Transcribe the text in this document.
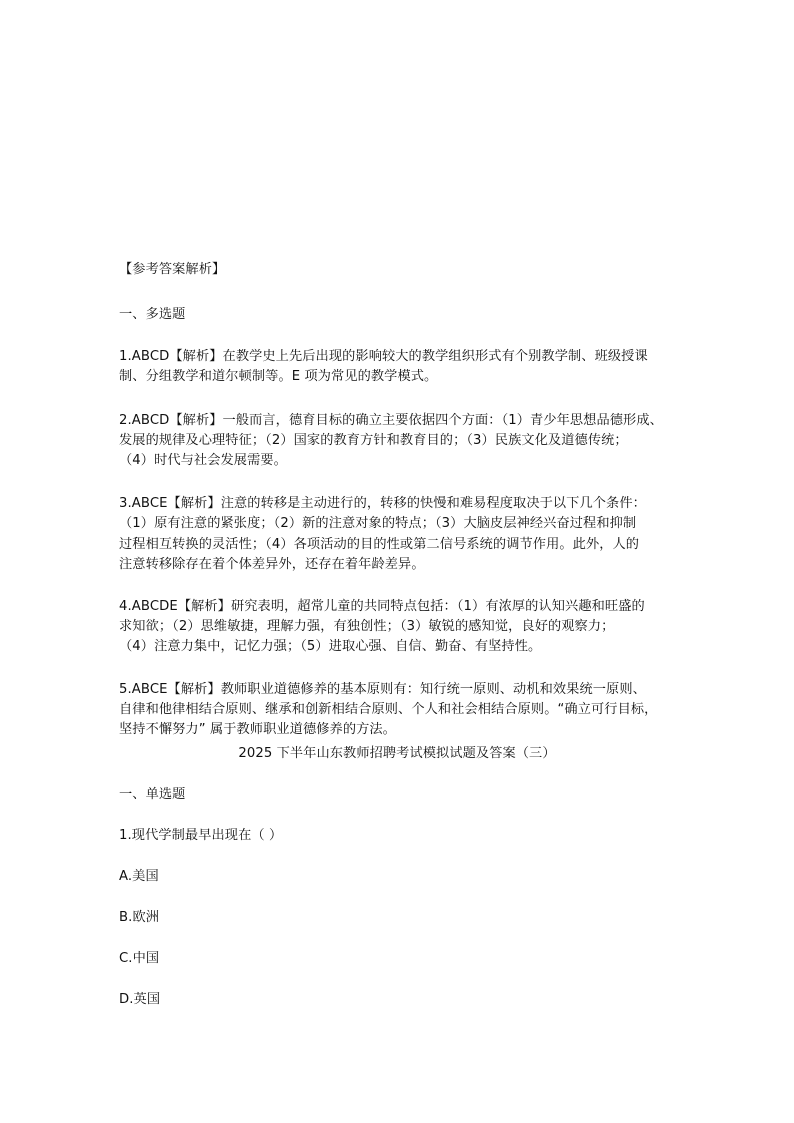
【参考答案解析】
一、多选题
1.ABCD【解析】在教学史上先后出现的影响较大的教学组织形式有个别教学制、班级授课
制、分组教学和道尔顿制等。E 项为常见的教学模式。
2.ABCD【解析】一般而言，德育目标的确立主要依据四个方面：（1）青少年思想品德形成、
发展的规律及心理特征；（2）国家的教育方针和教育目的；（3）民族文化及道德传统；
（4）时代与社会发展需要。
3.ABCE【解析】注意的转移是主动进行的，转移的快慢和难易程度取决于以下几个条件：
（1）原有注意的紧张度；（2）新的注意对象的特点；（3）大脑皮层神经兴奋过程和抑制
过程相互转换的灵活性；（4）各项活动的目的性或第二信号系统的调节作用。此外，人的
注意转移除存在着个体差异外，还存在着年龄差异。
4.ABCDE【解析】研究表明，超常儿童的共同特点包括：（1）有浓厚的认知兴趣和旺盛的
求知欲；（2）思维敏捷，理解力强，有独创性；（3）敏锐的感知觉，良好的观察力；
（4）注意力集中，记忆力强；（5）进取心强、自信、勤奋、有坚持性。
5.ABCE【解析】教师职业道德修养的基本原则有：知行统一原则、动机和效果统一原则、
自律和他律相结合原则、继承和创新相结合原则、个人和社会相结合原则。“确立可行目标，
坚持不懈努力” 属于教师职业道德修养的方法。
2025 下半年山东教师招聘考试模拟试题及答案（三）
一、单选题
1.现代学制最早出现在（ ）
A.美国
B.欧洲
C.中国
D.英国
